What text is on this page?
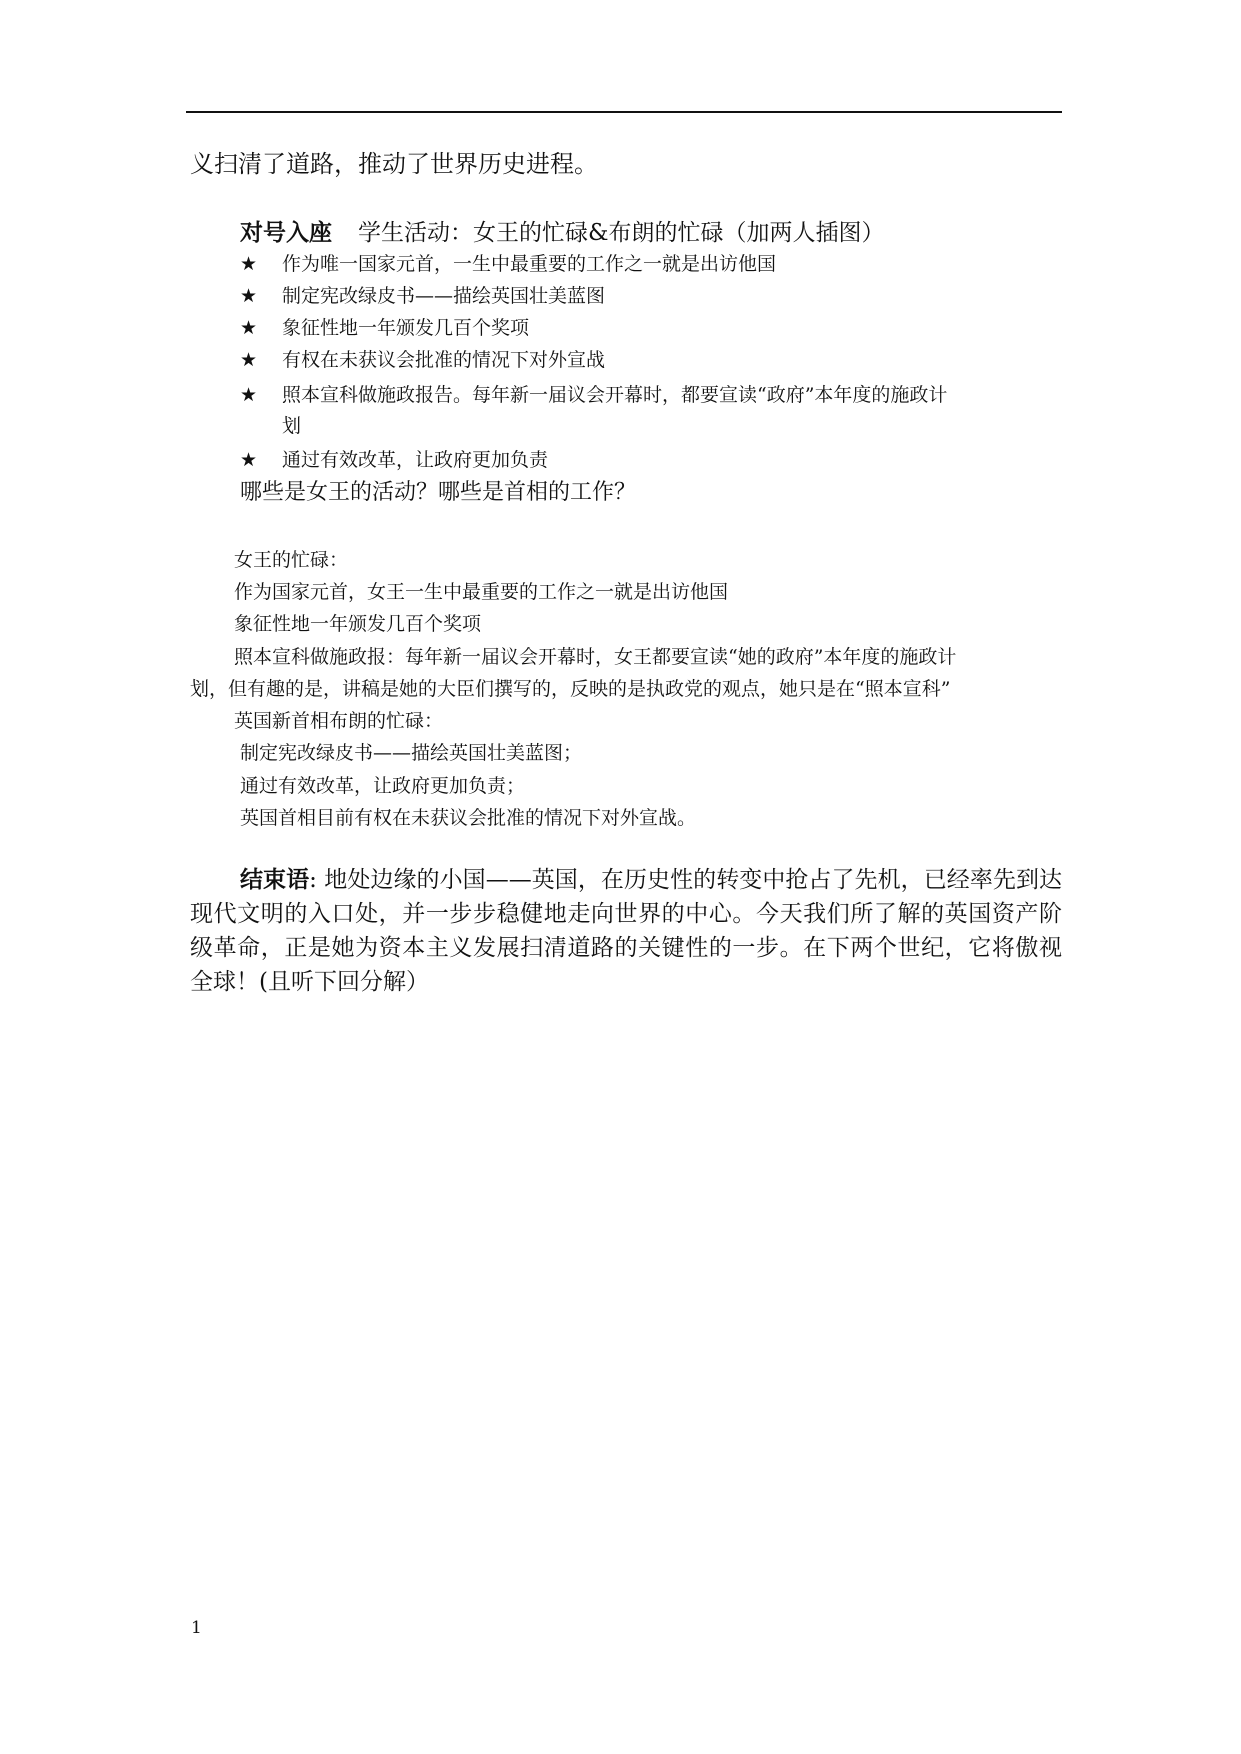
义扫清了道路，推动了世界历史进程。
对号入座 学生活动：女王的忙碌&布朗的忙碌（加两人插图）
★ 作为唯一国家元首，一生中最重要的工作之一就是出访他国
★ 制定宪改绿皮书——描绘英国壮美蓝图
★ 象征性地一年颁发几百个奖项
★ 有权在未获议会批准的情况下对外宣战
★ 照本宣科做施政报告。每年新一届议会开幕时，都要宣读“政府”本年度的施政计
划
★ 通过有效改革，让政府更加负责
哪些是女王的活动？哪些是首相的工作？
女王的忙碌：
作为国家元首，女王一生中最重要的工作之一就是出访他国
象征性地一年颁发几百个奖项
照本宣科做施政报：每年新一届议会开幕时，女王都要宣读“她的政府”本年度的施政计
划，但有趣的是，讲稿是她的大臣们撰写的，反映的是执政党的观点，她只是在“照本宣科”
英国新首相布朗的忙碌：
制定宪改绿皮书——描绘英国壮美蓝图；
通过有效改革，让政府更加负责；
英国首相目前有权在未获议会批准的情况下对外宣战。
结束语: 地处边缘的小国——英国，在历史性的转变中抢占了先机，已经率先到达现代文明的入口处，并一步步稳健地走向世界的中心。今天我们所了解的英国资产阶级革命，正是她为资本主义发展扫清道路的关键性的一步。在下两个世纪，它将傲视全球！(且听下回分解）
1
